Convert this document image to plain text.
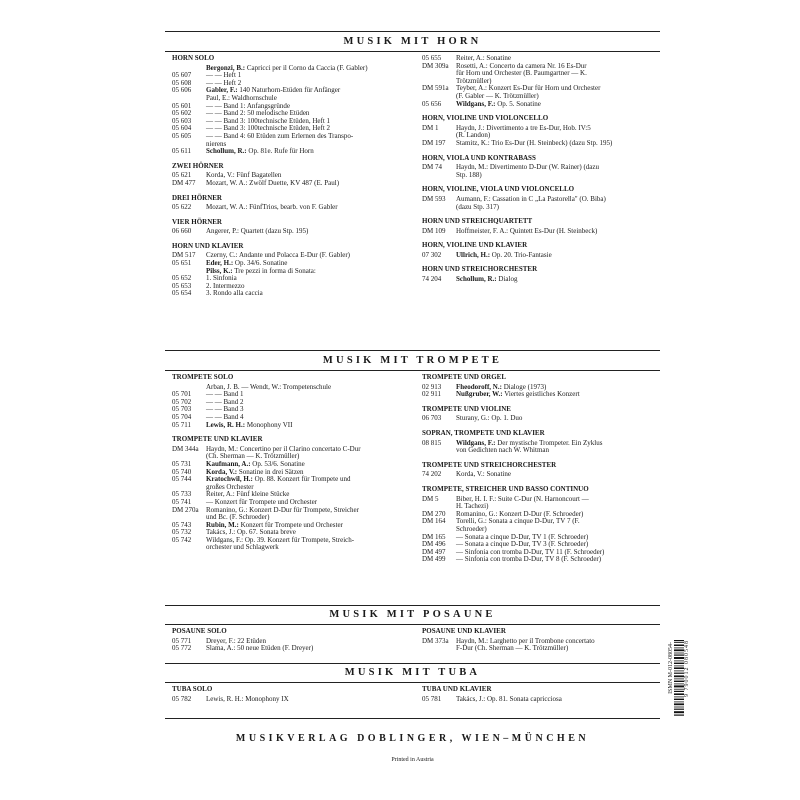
MUSIK MIT HORN
HORN SOLO
Bergonzi, B.: Capricci per il Corno da Caccia (F. Gabler)
05 607	— — Heft 1
05 608	— — Heft 2
05 606	Gabler, F.: 140 Naturhorn-Etüden für Anfänger
Paul, E.: Waldhornschule
05 601	— — Band 1: Anfangsgründe
05 602	— — Band 2: 50 melodische Etüden
05 603	— — Band 3: 100technische Etüden, Heft 1
05 604	— — Band 3: 100technische Etüden, Heft 2
05 605	— — Band 4: 60 Etüden zum Erlernen des Transpo-
nierens
05 611	Schollum, R.: Op. 81e. Rufe für Horn
ZWEI HÖRNER
05 621	Korda, V.: Fünf Bagatellen
DM 477	Mozart, W. A.: Zwölf Duette, KV 487 (E. Paul)
DREI HÖRNER
05 622	Mozart, W. A.: FünfTrios, bearb. von F. Gabler
VIER HÖRNER
06 660	Angerer, P.: Quartett (dazu Stp. 195)
HORN UND KLAVIER
DM 517	Czerny, C.: Andante und Polacca E-Dur (F. Gabler)
05 651	Eder, H.: Op. 34/6. Sonatine
Pilss, K.: Tre pezzi in forma di Sonata:
05 652	1. Sinfonia
05 653	2. Intermezzo
05 654	3. Rondo alla caccia
05 655	Reiter, A.: Sonatine
DM 309a	Rosetti, A.: Concerto da camera Nr. 16 Es-Dur
für Horn und Orchester (B. Paumgartner — K.
Trötzmüller)
DM 591a	Teyber, A.: Konzert Es-Dur für Horn und Orchester
(F. Gabler — K. Trötzmüller)
05 656	Wildgans, F.: Op. 5. Sonatine
HORN, VIOLINE UND VIOLONCELLO
DM 1	Haydn, J.: Divertimento a tre Es-Dur, Hob. IV:5
(R. Landon)
DM 197	Stamitz, K.: Trio Es-Dur (H. Steinbeck) (dazu Stp. 195)
HORN, VIOLA UND KONTRABASS
DM 74	Haydn, M.: Divertimento D-Dur (W. Rainer) (dazu
Stp. 188)
HORN, VIOLINE, VIOLA UND VIOLONCELLO
DM 593	Aumann, F.: Cassation in C „La Pastorella" (O. Biba)
(dazu Stp. 317)
HORN UND STREICHQUARTETT
DM 109	Hoffmeister, F. A.: Quintett Es-Dur (H. Steinbeck)
HORN, VIOLINE UND KLAVIER
07 302	Ullrich, H.: Op. 20. Trio-Fantasie
HORN UND STREICHORCHESTER
74 204	Schollum, R.: Dialog
MUSIK MIT TROMPETE
TROMPETE SOLO
Arban, J. B. — Wendt, W.: Trompetenschule
05 701	— — Band 1
05 702	— — Band 2
05 703	— — Band 3
05 704	— — Band 4
05 711	Lewis, R. H.: Monophony VII
TROMPETE UND KLAVIER
DM 344a	Haydn, M.: Concertino per il Clarino concertato C-Dur
(Ch. Sherman — K. Trötzmüller)
05 731	Kaufmann, A.: Op. 53/6. Sonatine
05 740	Korda, V.: Sonatine in drei Sätzen
05 744	Kratochwil, H.: Op. 88. Konzert für Trompete und
großes Orchester
05 733	Reiter, A.: Fünf kleine Stücke
05 741	— Konzert für Trompete und Orchester
DM 270a	Romanino, G.: Konzert D-Dur für Trompete, Streicher
und Bc. (F. Schroeder)
05 743	Rubin, M.: Konzert für Trompete und Orchester
05 732	Takács, J.: Op. 67. Sonata breve
05 742	Wildgans, F.: Op. 39. Konzert für Trompete, Streich-
orchester und Schlagwerk
TROMPETE UND ORGEL
02 913	Fheodoroff, N.: Dialoge (1973)
02 911	Nußgruber, W.: Viertes geistliches Konzert
TROMPETE UND VIOLINE
06 703	Sturany, G.: Op. 1. Duo
SOPRAN, TROMPETE UND KLAVIER
08 815	Wildgans, F.: Der mystische Trompeter. Ein Zyklus
von Gedichten nach W. Whitman
TROMPETE UND STREICHORCHESTER
74 202	Korda, V.: Sonatine
TROMPETE, STREICHER UND BASSO CONTINUO
DM 5	Biber, H. I. F.: Suite C-Dur (N. Harnoncourt —
H. Tachezi)
DM 270	Romanino, G.: Konzert D-Dur (F. Schroeder)
DM 164	Torelli, G.: Sonata a cinque D-Dur, TV 7 (F.
Schroeder)
DM 165	— Sonata a cinque D-Dur, TV 1 (F. Schroeder)
DM 496	— Sonata a cinque D-Dur, TV 3 (F. Schroeder)
DM 497	— Sinfonia con tromba D-Dur, TV 11 (F. Schroeder)
DM 499	— Sinfonia con tromba D-Dur, TV 8 (F. Schroeder)
MUSIK MIT POSAUNE
POSAUNE SOLO
05 771	Dreyer, F.: 22 Etüden
05 772	Slama, A.: 50 neue Etüden (F. Dreyer)
POSAUNE UND KLAVIER
DM 373a	Haydn, M.: Larghetto per il Trombone concertato
F-Dur (Ch. Sherman — K. Trötzmüller)
MUSIK MIT TUBA
TUBA SOLO
05 782	Lewis, R. H.: Monophony IX
TUBA UND KLAVIER
05 781	Takács, J.: Op. 81. Sonata capricciosa
MUSIKVERLAG DOBLINGER, WIEN–MÜNCHEN
Printed in Austria
ISMN M-012-08054- 9 790012 080548
